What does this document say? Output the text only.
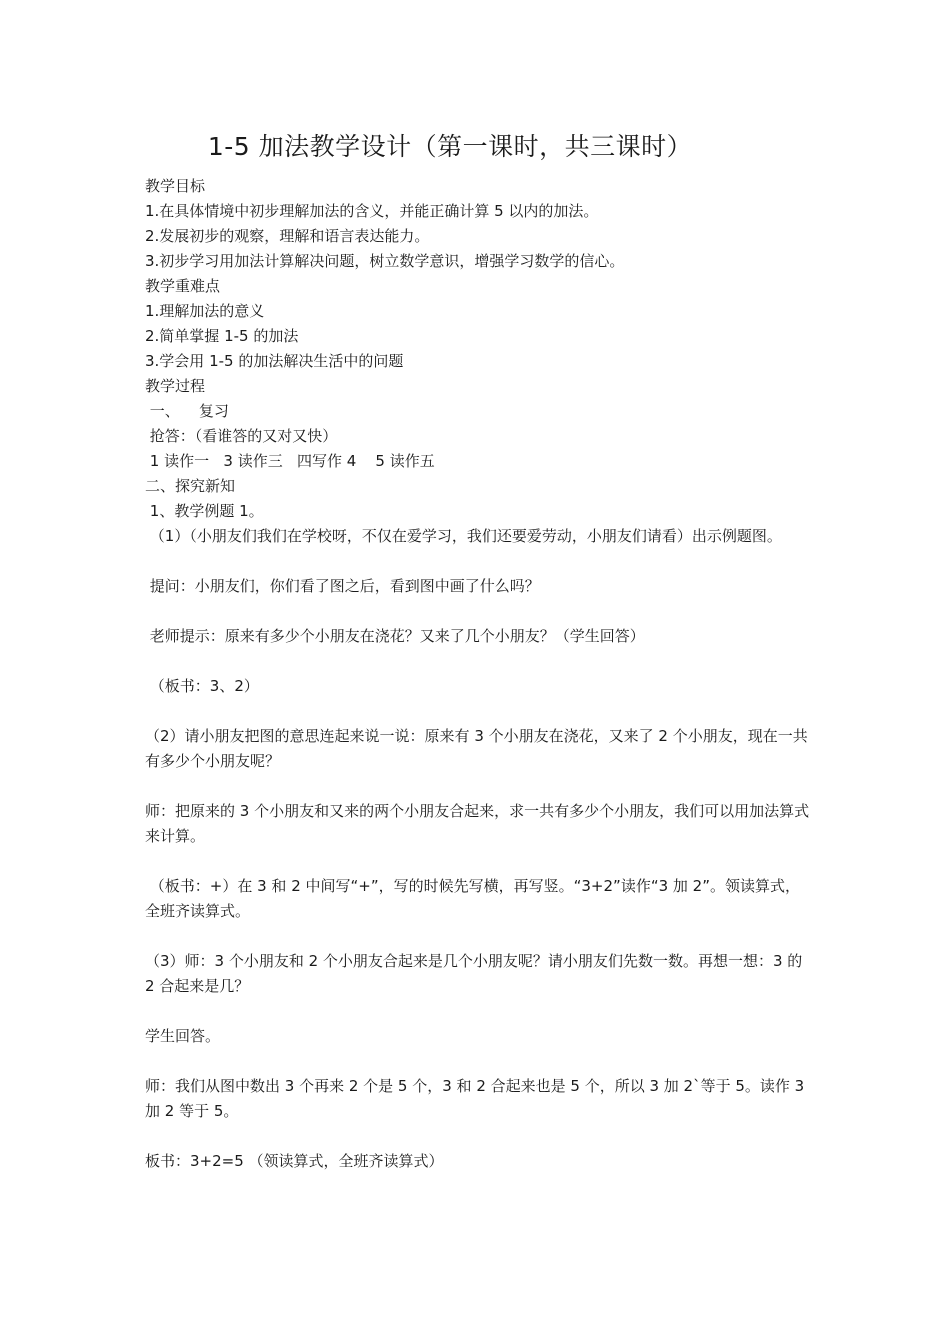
1-5 加法教学设计（第一课时，共三课时）

教学目标

1.在具体情境中初步理解加法的含义，并能正确计算 5 以内的加法。

2.发展初步的观察，理解和语言表达能力。

3.初步学习用加法计算解决问题，树立数学意识，增强学习数学的信心。

教学重难点

1.理解加法的意义

2.简单掌握 1-5 的加法

3.学会用 1-5 的加法解决生活中的问题

教学过程

一、    复习

抢答：（看谁答的又对又快）

1 读作一   3 读作三   四写作 4    5 读作五

二、探究新知

1、教学例题 1。

（1）（小朋友们我们在学校呀，不仅在爱学习，我们还要爱劳动，小朋友们请看）出示例题图。

提问：小朋友们，你们看了图之后，看到图中画了什么吗？

老师提示：原来有多少个小朋友在浇花？又来了几个小朋友？（学生回答）

（板书：3、2）

（2）请小朋友把图的意思连起来说一说：原来有 3 个小朋友在浇花，又来了 2 个小朋友，现在一共有多少个小朋友呢？

师：把原来的 3 个小朋友和又来的两个小朋友合起来，求一共有多少个小朋友，我们可以用加法算式来计算。

（板书：+）在 3 和 2 中间写“+”，写的时候先写横，再写竖。“3+2”读作“3 加 2”。领读算式，全班齐读算式。

（3）师：3 个小朋友和 2 个小朋友合起来是几个小朋友呢？请小朋友们先数一数。再想一想：3 的 2 合起来是几？

学生回答。

师：我们从图中数出 3 个再来 2 个是 5 个，3 和 2 合起来也是 5 个，所以 3 加 2`等于 5。读作 3 加 2 等于 5。

板书：3+2=5 （领读算式，全班齐读算式）
